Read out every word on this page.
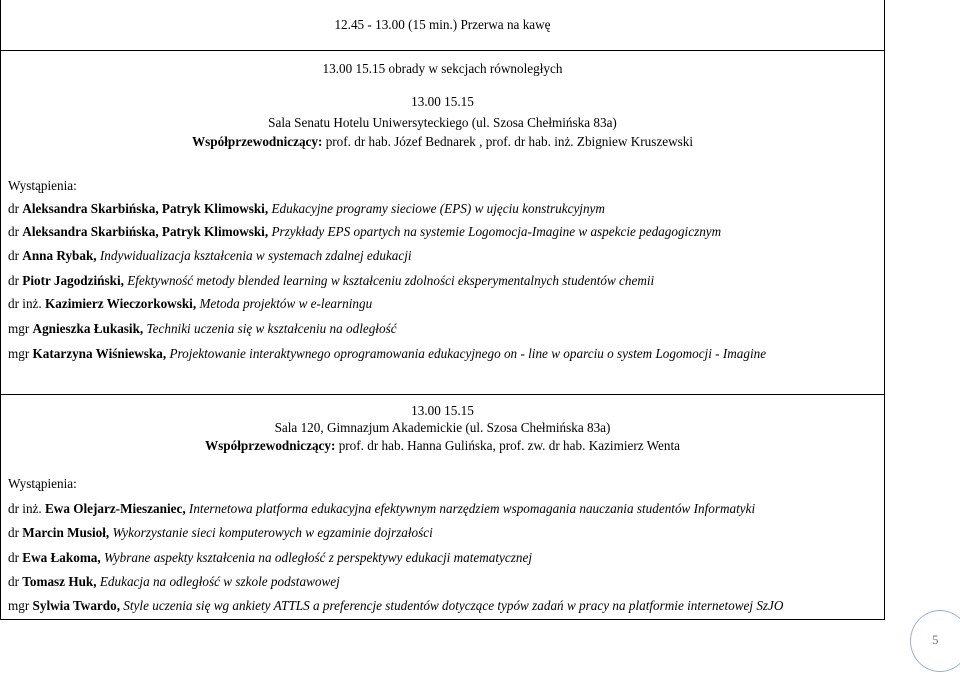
12.45 - 13.00 (15 min.) Przerwa na kawę
13.00 15.15 obrady w sekcjach równoległych
13.00 15.15
Sala Senatu Hotelu Uniwersyteckiego (ul. Szosa Chełmińska 83a)
Współprzewodniczący: prof. dr hab. Józef Bednarek , prof. dr hab. inż. Zbigniew Kruszewski
Wystąpienia:
dr Aleksandra Skarbińska, Patryk Klimowski, Edukacyjne programy sieciowe (EPS) w ujęciu konstrukcyjnym
dr Aleksandra Skarbińska, Patryk Klimowski, Przykłady EPS opartych na systemie Logomocja-Imagine w aspekcie pedagogicznym
dr Anna Rybak, Indywidualizacja kształcenia w systemach zdalnej edukacji
dr Piotr Jagodziński, Efektywność metody blended learning w kształceniu zdolności eksperymentalnych studentów chemii
dr inż. Kazimierz Wieczorkowski, Metoda projektów w e-learningu
mgr Agnieszka Łukasik, Techniki uczenia się w kształceniu na odległość
mgr Katarzyna Wiśniewska, Projektowanie interaktywnego oprogramowania edukacyjnego on - line w oparciu o system Logomocji - Imagine
13.00 15.15
Sala 120, Gimnazjum Akademickie (ul. Szosa Chełmińska 83a)
Współprzewodniczący: prof. dr hab. Hanna Gulińska, prof. zw. dr hab. Kazimierz Wenta
Wystąpienia:
dr inż. Ewa Olejarz-Mieszaniec, Internetowa platforma edukacyjna efektywnym narzędziem wspomagania nauczania studentów Informatyki
dr Marcin Musioł, Wykorzystanie sieci komputerowych w egzaminie dojrzałości
dr Ewa Łakoma, Wybrane aspekty kształcenia na odległość z perspektywy edukacji matematycznej
dr Tomasz Huk, Edukacja na odległość w szkole podstawowej
mgr Sylwia Twardo, Style uczenia się wg ankiety ATTLS a preferencje studentów dotyczące typów zadań w pracy na platformie internetowej SzJO
5
